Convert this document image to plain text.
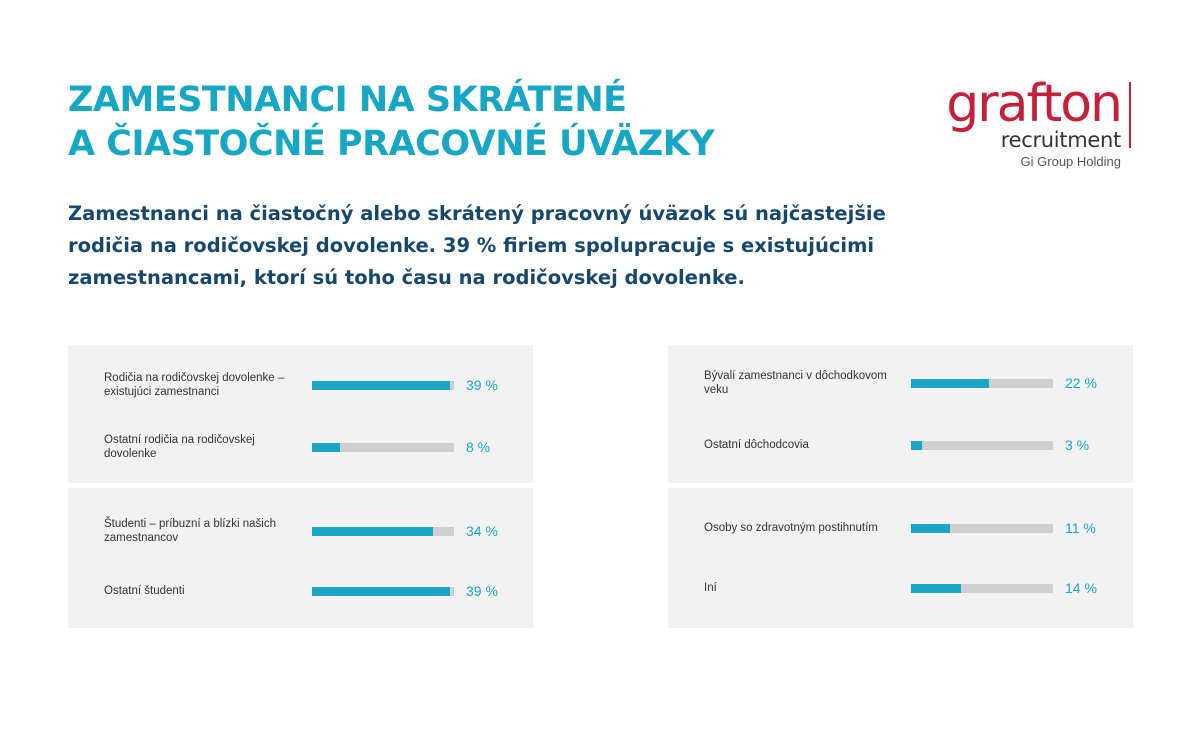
ZAMESTNANCI NA SKRÁTENÉ
A ČIASTOČNÉ PRACOVNÉ ÚVÄZKY
grafton
recruitment
Gi Group Holding

Zamestnanci na čiastočný alebo skrátený pracovný úväzok sú najčastejšie rodičia na rodičovskej dovolenke. 39 % firiem spolupracuje s existujúcimi zamestnancami, ktorí sú toho času na rodičovskej dovolenke.

Rodičia na rodičovskej dovolenke – existujúci zamestnanci	39 %
Ostatní rodičia na rodičovskej dovolenke	8 %
Študenti – príbuzní a blízki našich zamestnancov	34 %
Ostatní študenti	39 %
Bývalí zamestnanci v dôchodkovom veku	22 %
Ostatní dôchodcovia	3 %
Osoby so zdravotným postihnutím	11 %
Iní	14 %
